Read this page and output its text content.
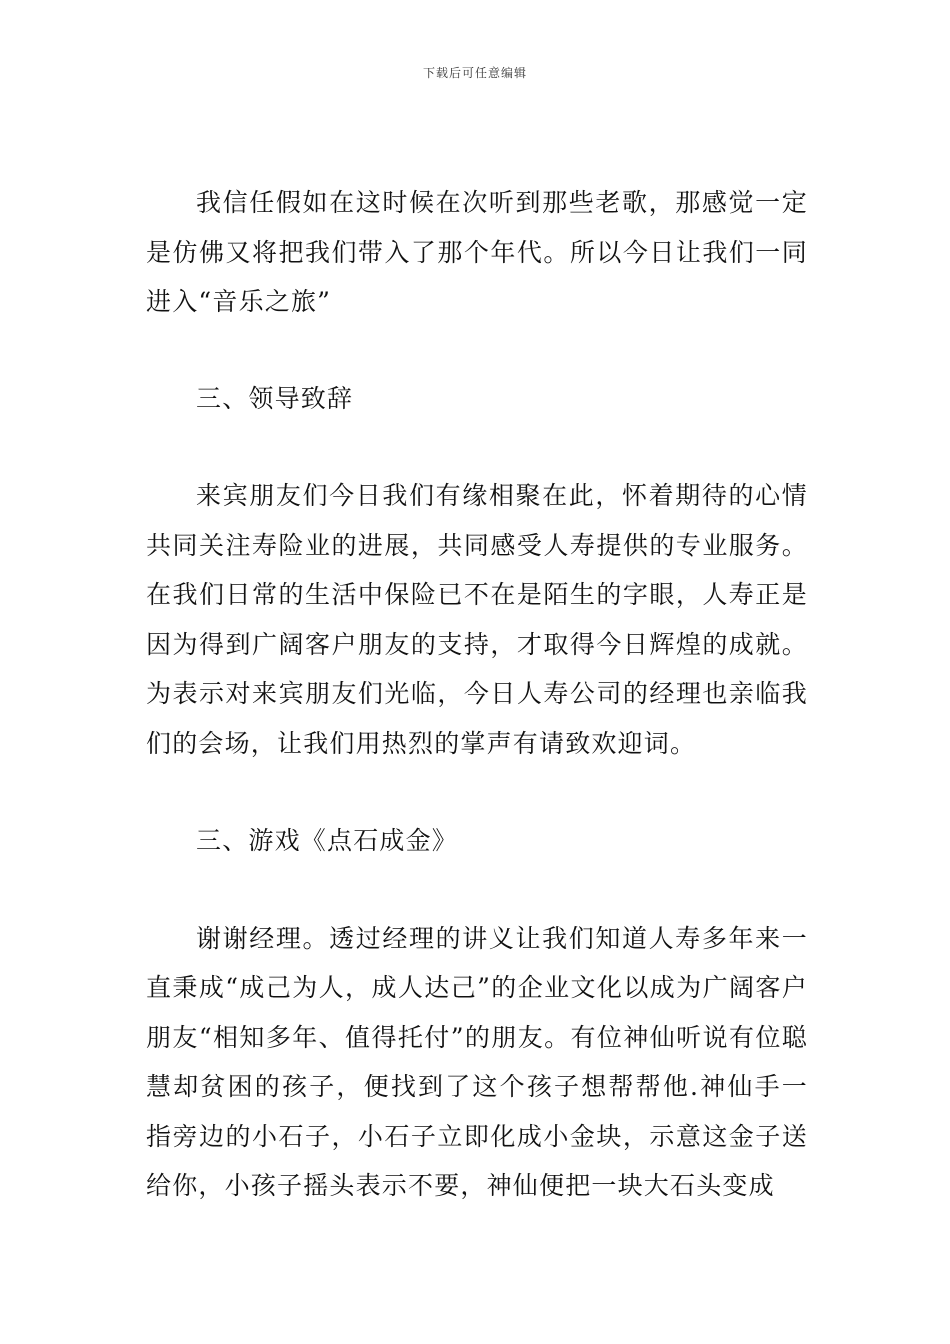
下载后可任意编辑

我信任假如在这时候在次听到那些老歌，那感觉一定是仿佛又将把我们带入了那个年代。所以今日让我们一同进入“音乐之旅”

三、领导致辞

来宾朋友们今日我们有缘相聚在此，怀着期待的心情共同关注寿险业的进展，共同感受人寿提供的专业服务。在我们日常的生活中保险已不在是陌生的字眼，人寿正是因为得到广阔客户朋友的支持，才取得今日辉煌的成就。为表示对来宾朋友们光临，今日人寿公司的经理也亲临我们的会场，让我们用热烈的掌声有请致欢迎词。

三、游戏《点石成金》

谢谢经理。透过经理的讲义让我们知道人寿多年来一直秉成“成己为人，成人达己”的企业文化以成为广阔客户朋友“相知多年、值得托付”的朋友。有位神仙听说有位聪慧却贫困的孩子，便找到了这个孩子想帮帮他.神仙手一指旁边的小石子，小石子立即化成小金块，示意这金子送给你，小孩子摇头表示不要，神仙便把一块大石头变成
